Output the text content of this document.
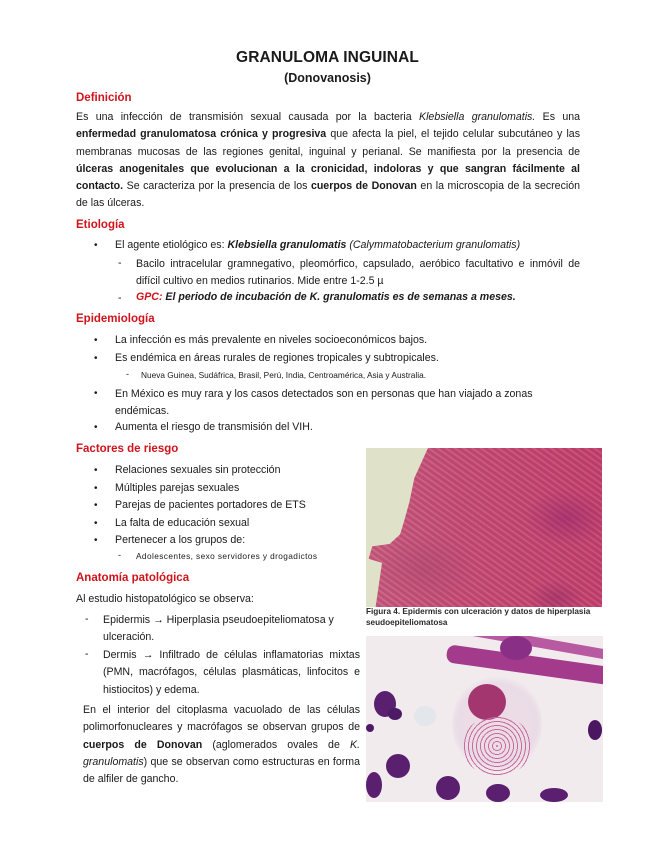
GRANULOMA INGUINAL
(Donovanosis)
Definición
Es una infección de transmisión sexual causada por la bacteria Klebsiella granulomatis. Es una enfermedad granulomatosa crónica y progresiva que afecta la piel, el tejido celular subcutáneo y las membranas mucosas de las regiones genital, inguinal y perianal. Se manifiesta por la presencia de úlceras anogenitales que evolucionan a la cronicidad, indoloras y que sangran fácilmente al contacto. Se caracteriza por la presencia de los cuerpos de Donovan en la microscopia de la secreción de las úlceras.
Etiología
• El agente etiológico es: Klebsiella granulomatis (Calymmatobacterium granulomatis)
- Bacilo intracelular gramnegativo, pleomórfico, capsulado, aeróbico facultativo e inmóvil de difícil cultivo en medios rutinarios. Mide entre 1-2.5 µ
- GPC: El periodo de incubación de K. granulomatis es de semanas a meses.
Epidemiología
• La infección es más prevalente en niveles socioeconómicos bajos.
• Es endémica en áreas rurales de regiones tropicales y subtropicales.
- Nueva Guinea, Sudáfrica, Brasil, Perú, India, Centroamérica, Asia y Australia.
• En México es muy rara y los casos detectados son en personas que han viajado a zonas endémicas.
• Aumenta el riesgo de transmisión del VIH.
Factores de riesgo
• Relaciones sexuales sin protección
• Múltiples parejas sexuales
• Parejas de pacientes portadores de ETS
• La falta de educación sexual
• Pertenecer a los grupos de:
- Adolescentes, sexo servidores y drogadictos
Anatomía patológica
Al estudio histopatológico se observa:
- Epidermis → Hiperplasia pseudoepiteliomatosa y ulceración.
- Dermis → Infiltrado de células inflamatorias mixtas (PMN, macrófagos, células plasmáticas, linfocitos e histiocitos) y edema.
En el interior del citoplasma vacuolado de las células polimorfonucleares y macrófagos se observan grupos de cuerpos de Donovan (aglomerados ovales de K. granulomatis) que se observan como estructuras en forma de alfiler de gancho.
Figura 4. Epidermis con ulceración y datos de hiperplasia seudoepiteliomatosa
